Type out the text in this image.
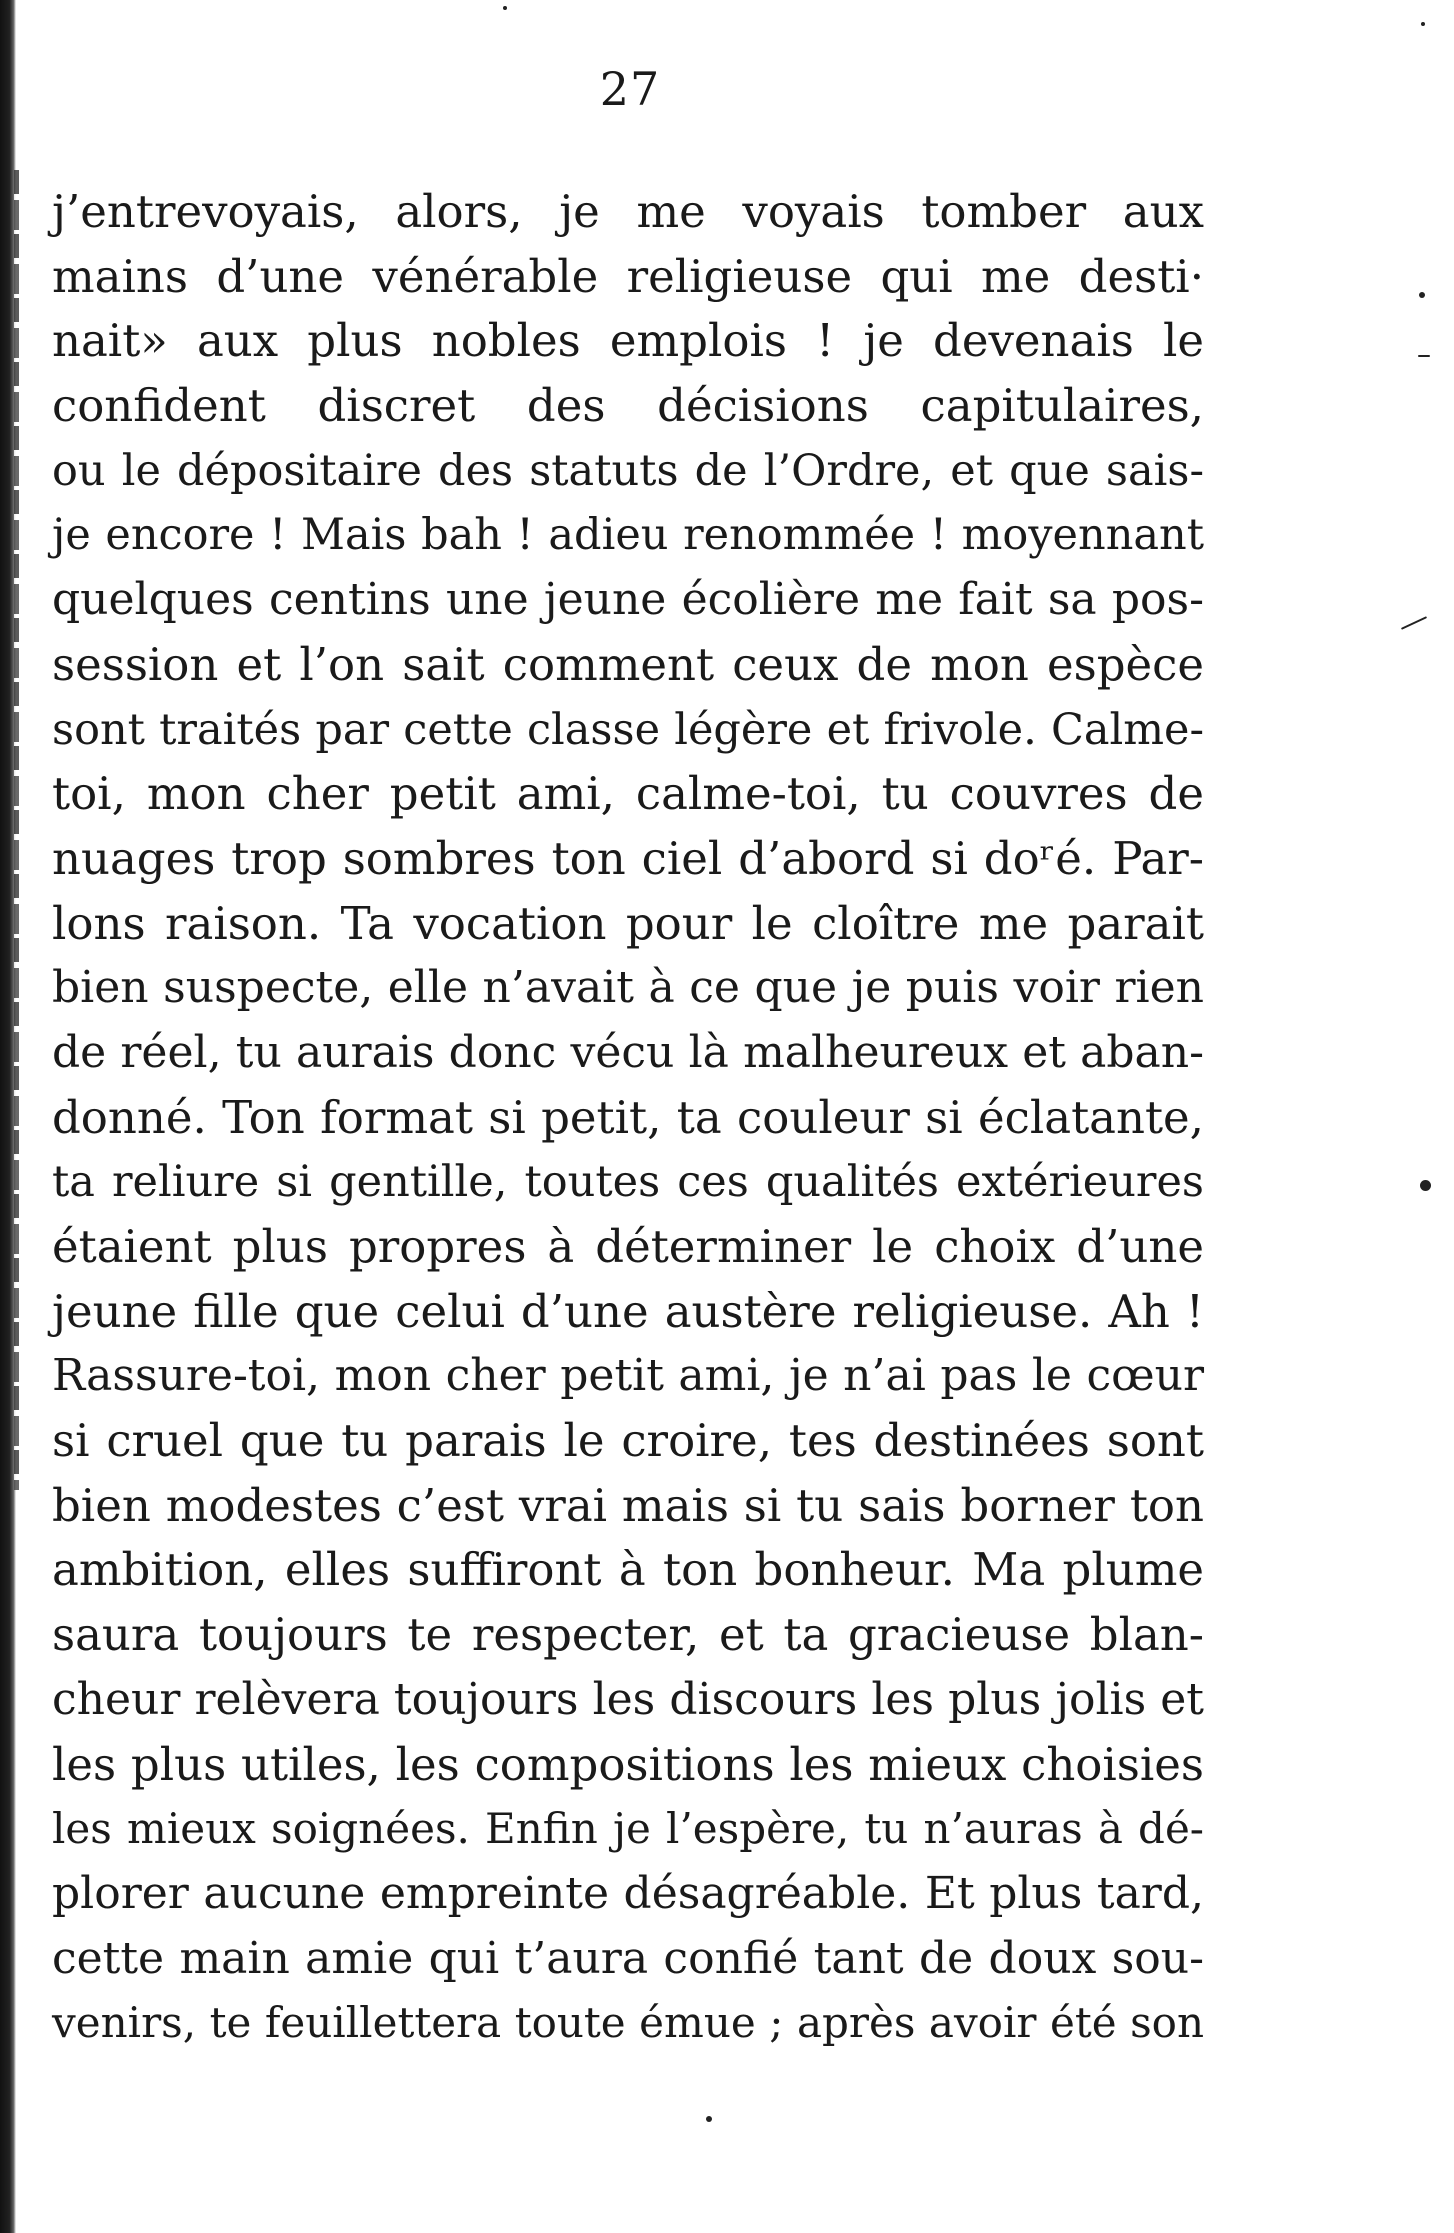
27
j’entrevoyais, alors, je me voyais tomber aux
mains d’une vénérable religieuse qui me desti·
nait» aux plus nobles emplois ! je devenais le
confident discret des décisions capitulaires,
ou le dépositaire des statuts de l’Ordre, et que sais-
je encore ! Mais bah ! adieu renommée ! moyennant
quelques centins une jeune écolière me fait sa pos-
session et l’on sait comment ceux de mon espèce
sont traités par cette classe légère et frivole. Calme-
toi, mon cher petit ami, calme-toi, tu couvres de
nuages trop sombres ton ciel d’abord si doʳé. Par-
lons raison. Ta vocation pour le cloître me parait
bien suspecte, elle n’avait à ce que je puis voir rien
de réel, tu aurais donc vécu là malheureux et aban-
donné. Ton format si petit, ta couleur si éclatante,
ta reliure si gentille, toutes ces qualités extérieures
étaient plus propres à déterminer le choix d’une
jeune fille que celui d’une austère religieuse. Ah !
Rassure-toi, mon cher petit ami, je n’ai pas le cœur
si cruel que tu parais le croire, tes destinées sont
bien modestes c’est vrai mais si tu sais borner ton
ambition, elles suffiront à ton bonheur. Ma plume
saura toujours te respecter, et ta gracieuse blan-
cheur relèvera toujours les discours les plus jolis et
les plus utiles, les compositions les mieux choisies
les mieux soignées. Enfin je l’espère, tu n’auras à dé-
plorer aucune empreinte désagréable. Et plus tard,
cette main amie qui t’aura confié tant de doux sou-
venirs, te feuillettera toute émue ; après avoir été son
